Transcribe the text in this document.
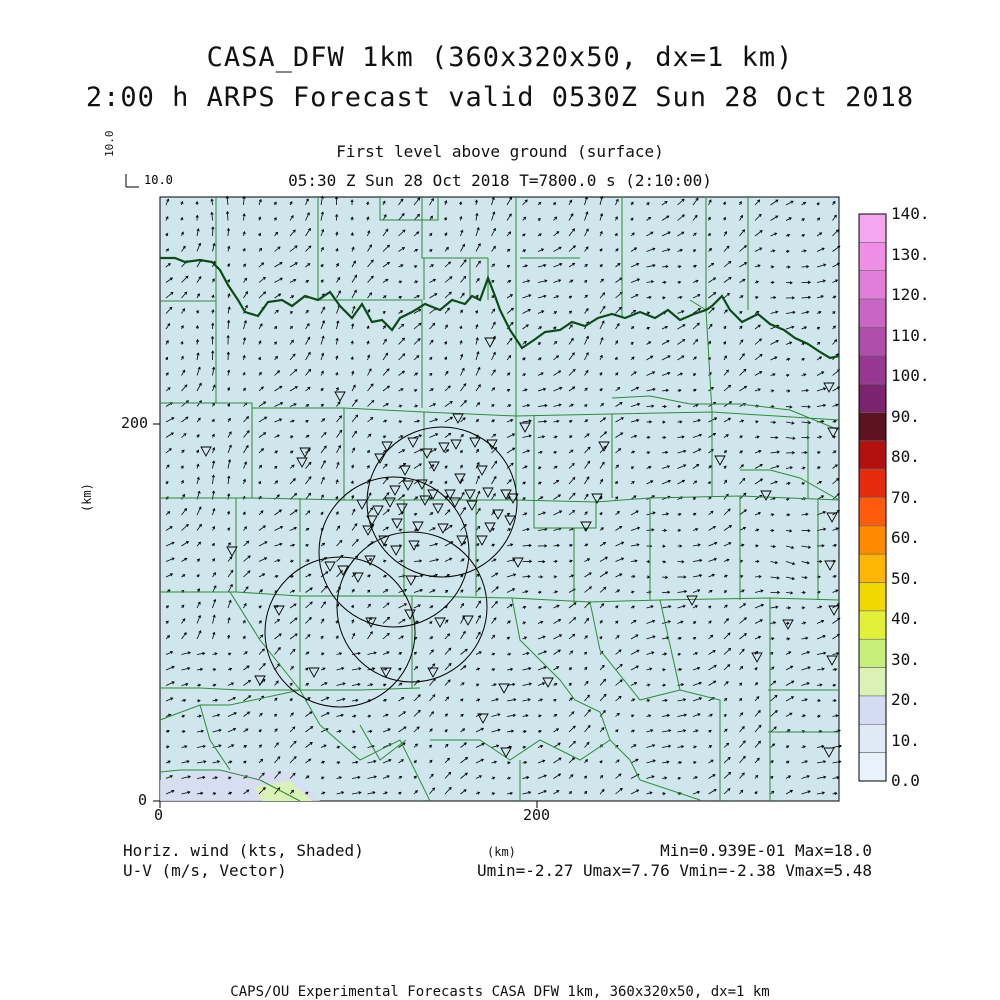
CASA_DFW 1km (360x320x50, dx=1 km)
2:00 h ARPS Forecast valid 0530Z Sun 28 Oct 2018
First level above ground (surface)
05:30 Z Sun 28 Oct 2018 T=7800.0 s (2:10:00)
10.0
10.0
0	200
0
200
(km)
140.
130.
120.
110.
100.
90.
80.
70.
60.
50.
40.
30.
20.
10.
0.0
Horiz. wind (kts, Shaded)
U-V (m/s, Vector)
(km)	Min=0.939E-01 Max=18.0
Umin=-2.27 Umax=7.76 Vmin=-2.38 Vmax=5.48
CAPS/OU Experimental Forecasts CASA DFW 1km, 360x320x50, dx=1 km
